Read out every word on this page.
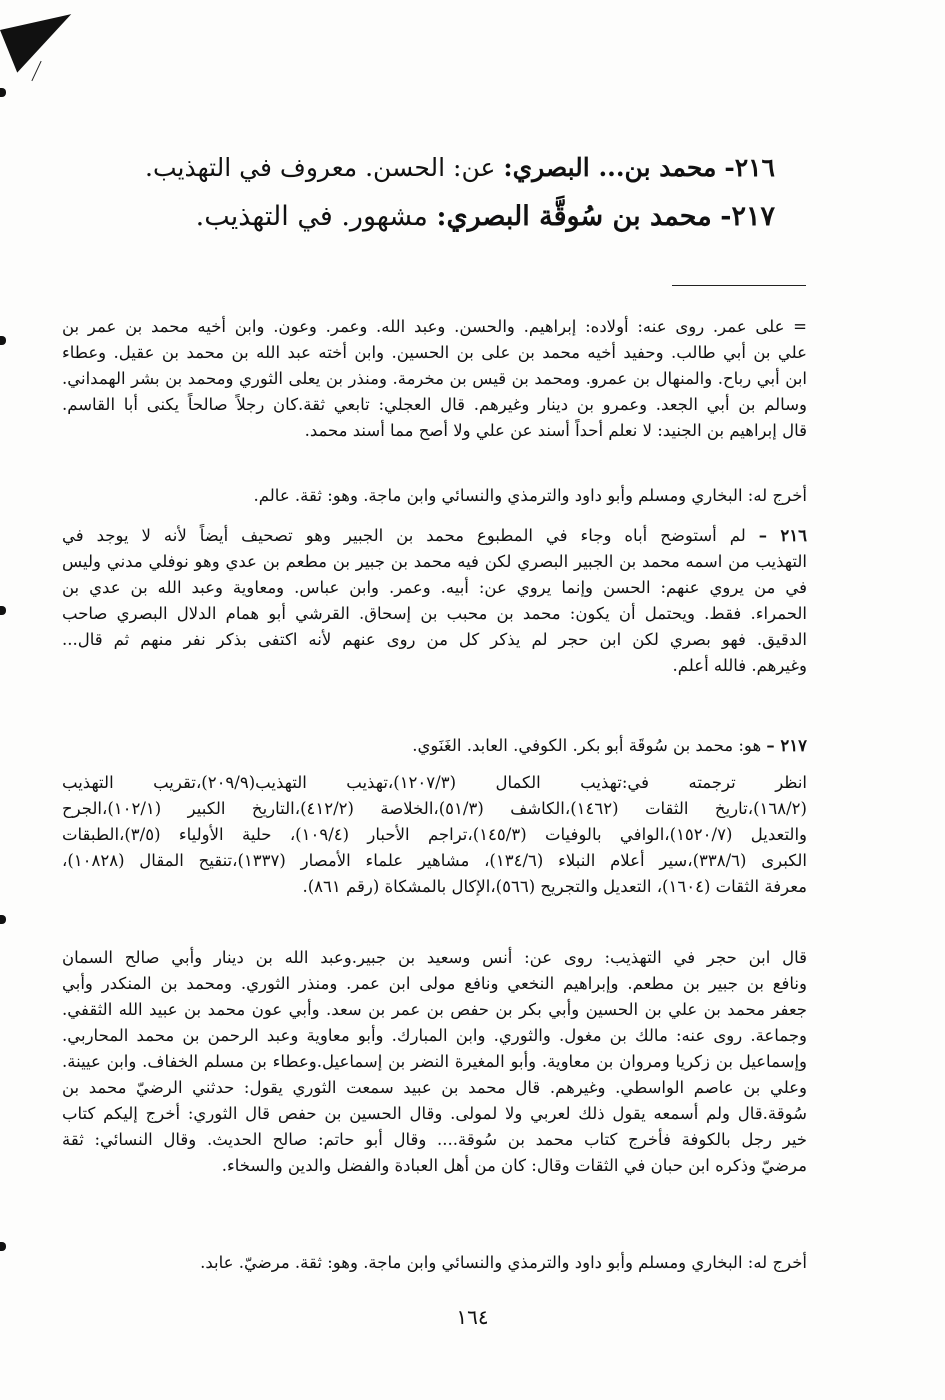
٢١٦- محمد بن... البصري: عن: الحسن. معروف في التهذيب.
٢١٧- محمد بن سُوقَّة البصري: مشهور. في التهذيب.
= على عمر. روى عنه: أولاده: إبراهيم. والحسن. وعبد الله. وعمر. وعون. وابن أخيه محمد بن عمر بن
علي بن أبي طالب. وحفيد أخيه محمد بن على بن الحسين. وابن أخته عبد الله بن محمد بن عقيل. وعطاء
ابن أبي رباح. والمنهال بن عمرو. ومحمد بن قيس بن مخرمة. ومنذر بن يعلى الثوري ومحمد بن بشر الهمداني.
وسالم بن أبي الجعد. وعمرو بن دينار وغيرهم. قال العجلي: تابعي ثقة.كان رجلاً صالحاً يكنى أبا القاسم.
قال إبراهيم بن الجنيد: لا نعلم أحداً أسند عن علي ولا أصح مما أسند محمد.
أخرج له: البخاري ومسلم وأبو داود والترمذي والنسائي وابن ماجة. وهو: ثقة. عالم.
٢١٦ – لم أستوضح أباه وجاء في المطبوع محمد بن الجبير وهو تصحيف أيضاً لأنه لا يوجد في
التهذيب من اسمه محمد بن الجبير البصري لكن فيه محمد بن جبير بن مطعم بن عدي وهو نوفلي مدني وليس
في من يروي عنهم: الحسن وإنما يروي عن: أبيه. وعمر. وابن عباس. ومعاوية وعبد الله بن عدي بن
الحمراء. فقط. ويحتمل أن يكون: محمد بن محبب بن إسحاق. القرشي أبو همام الدلال البصري صاحب
الدقيق. فهو بصري لكن ابن حجر لم يذكر كل من روى عنهم لأنه اكتفى بذكر نفر منهم ثم قال...
وغيرهم. فالله أعلم.
٢١٧ – هو: محمد بن سُوقَة أبو بكر. الكوفي. العابد. الغَنَوي.
انظر ترجمته في:تهذيب الكمال (١٢٠٧/٣)،تهذيب التهذيب(٢٠٩/٩)،تقريب التهذيب
(١٦٨/٢)،تاريخ الثقات (١٤٦٢)،الكاشف (٥١/٣)،الخلاصة (٤١٢/٢)،التاريخ الكبير (١٠٢/١)،الجرح
والتعديل (١٥٢٠/٧)،الوافي بالوفيات (١٤٥/٣)،تراجم الأحبار (١٠٩/٤)، حلية الأولياء (٣/٥)،الطبقات
الكبرى (٣٣٨/٦)،سير أعلام النبلاء (١٣٤/٦)، مشاهير علماء الأمصار (١٣٣٧)،تنقيح المقال (١٠٨٢٨)،
معرفة الثقات (١٦٠٤)، التعديل والتجريح (٥٦٦)،الإكال بالمشكاة (رقم ٨٦١).
قال ابن حجر في التهذيب: روى عن: أنس وسعيد بن جبير.وعبد الله بن دينار وأبي صالح السمان
ونافع بن جبير بن مطعم. وإبراهيم النخعي ونافع مولى ابن عمر. ومنذر الثوري. ومحمد بن المنكدر وأبي
جعفر محمد بن علي بن الحسين وأبي بكر بن حفص بن عمر بن سعد. وأبي عون محمد بن عبيد الله الثقفي.
وجماعة. روى عنه: مالك بن مغول. والثوري. وابن المبارك. وأبو معاوية وعبد الرحمن بن محمد المحاربي.
وإسماعيل بن زكريا ومروان بن معاوية. وأبو المغيرة النضر بن إسماعيل.وعطاء بن مسلم الخفاف. وابن عيينة.
وعلي بن عاصم الواسطي. وغيرهم. قال محمد بن عبيد سمعت الثوري يقول: حدثني الرضيّ محمد بن
سُوقة.قال ولم أسمعه يقول ذلك لعربي ولا لمولى. وقال الحسين بن حفص قال الثوري: أخرج إليكم كتاب
خير رجل بالكوفة فأخرج كتاب محمد بن سُوقة.... وقال أبو حاتم: صالح الحديث. وقال النسائي: ثقة
مرضيّ وذكره ابن حبان في الثقات وقال: كان من أهل العبادة والفضل والدين والسخاء.
أخرج له: البخاري ومسلم وأبو داود والترمذي والنسائي وابن ماجة. وهو: ثقة. مرضيّ. عابد.
١٦٤
